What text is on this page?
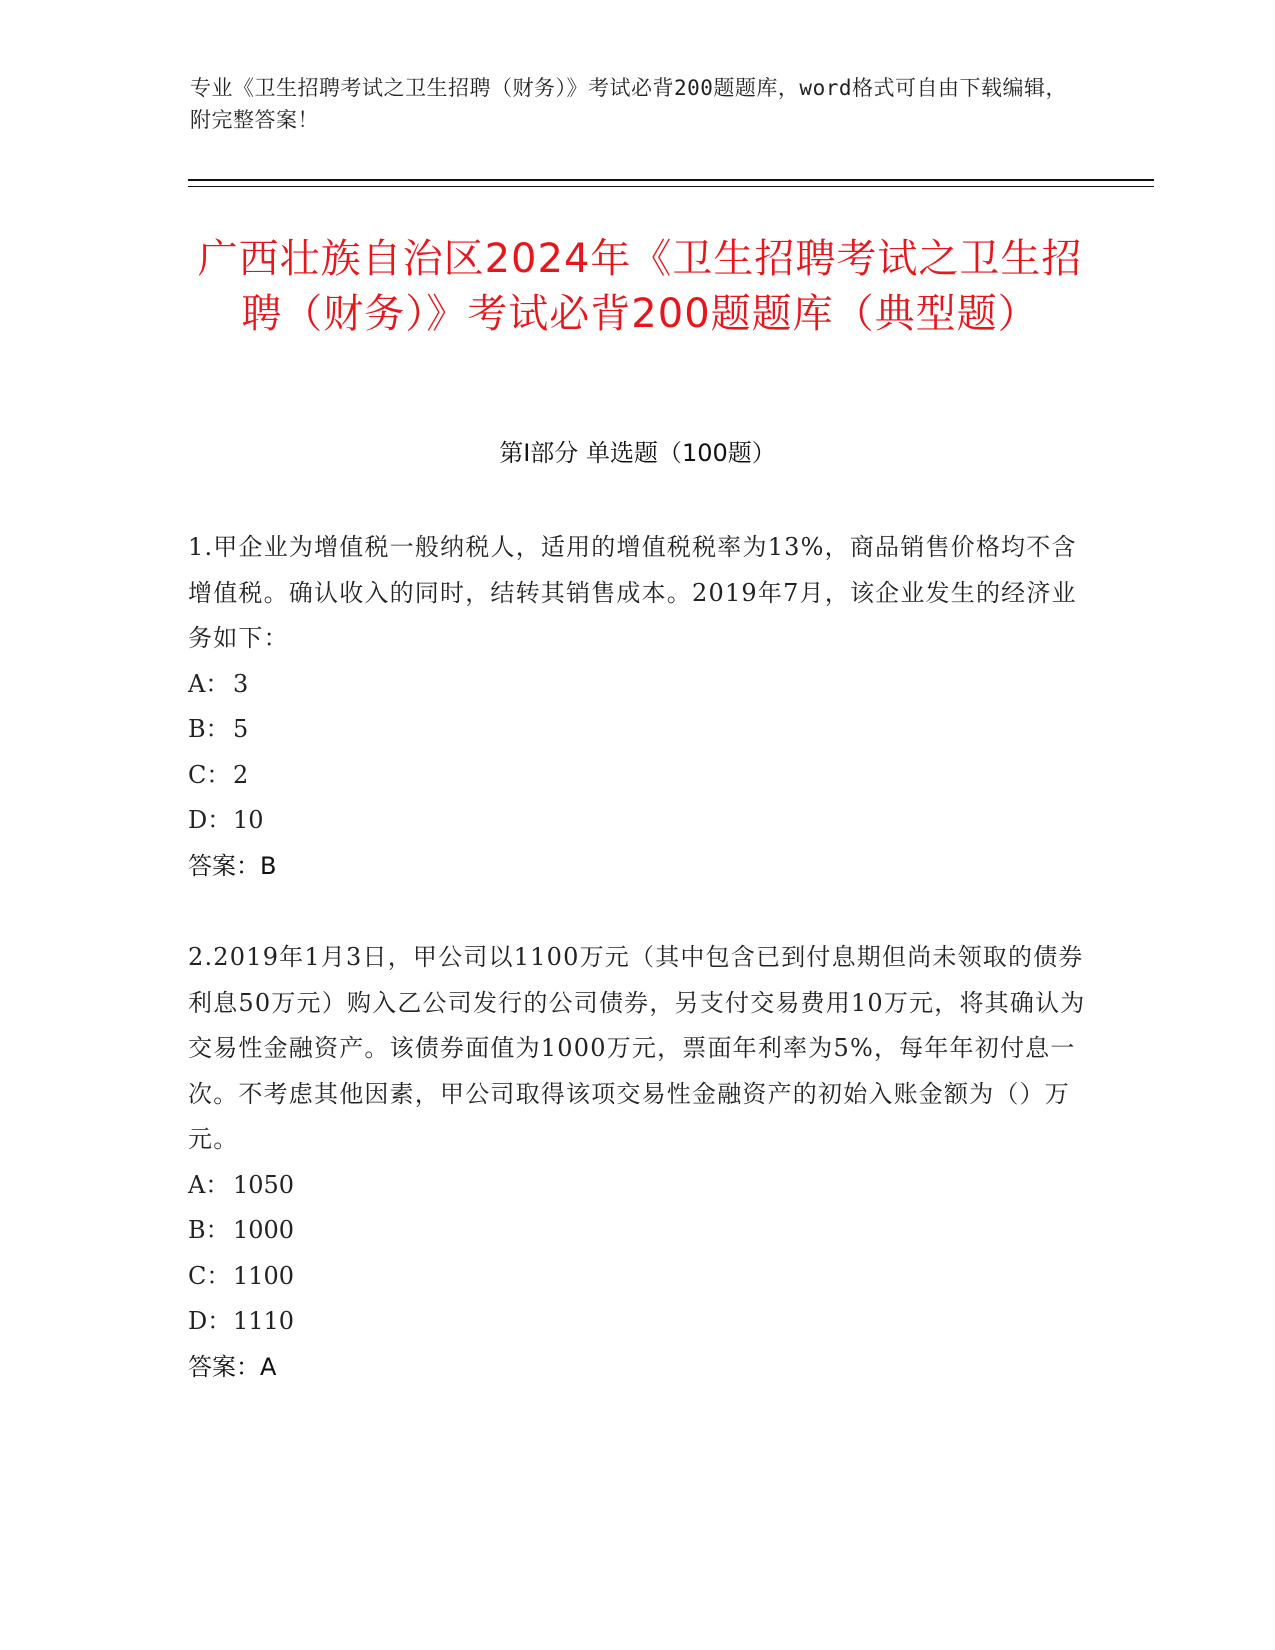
专业《卫生招聘考试之卫生招聘（财务）》考试必背200题题库，word格式可自由下载编辑，附完整答案！
广西壮族自治区2024年《卫生招聘考试之卫生招聘（财务）》考试必背200题题库（典型题）
第I部分 单选题（100题）
1.甲企业为增值税一般纳税人，适用的增值税税率为13%，商品销售价格均不含增值税。确认收入的同时，结转其销售成本。2019年7月，该企业发生的经济业务如下：
A： 3
B： 5
C： 2
D： 10
答案：B
2.2019年1月3日，甲公司以1100万元（其中包含已到付息期但尚未领取的债券利息50万元）购入乙公司发行的公司债券，另支付交易费用10万元，将其确认为交易性金融资产。该债券面值为1000万元，票面年利率为5%，每年年初付息一次。不考虑其他因素，甲公司取得该项交易性金融资产的初始入账金额为（）万元。
A： 1050
B： 1000
C： 1100
D： 1110
答案：A
